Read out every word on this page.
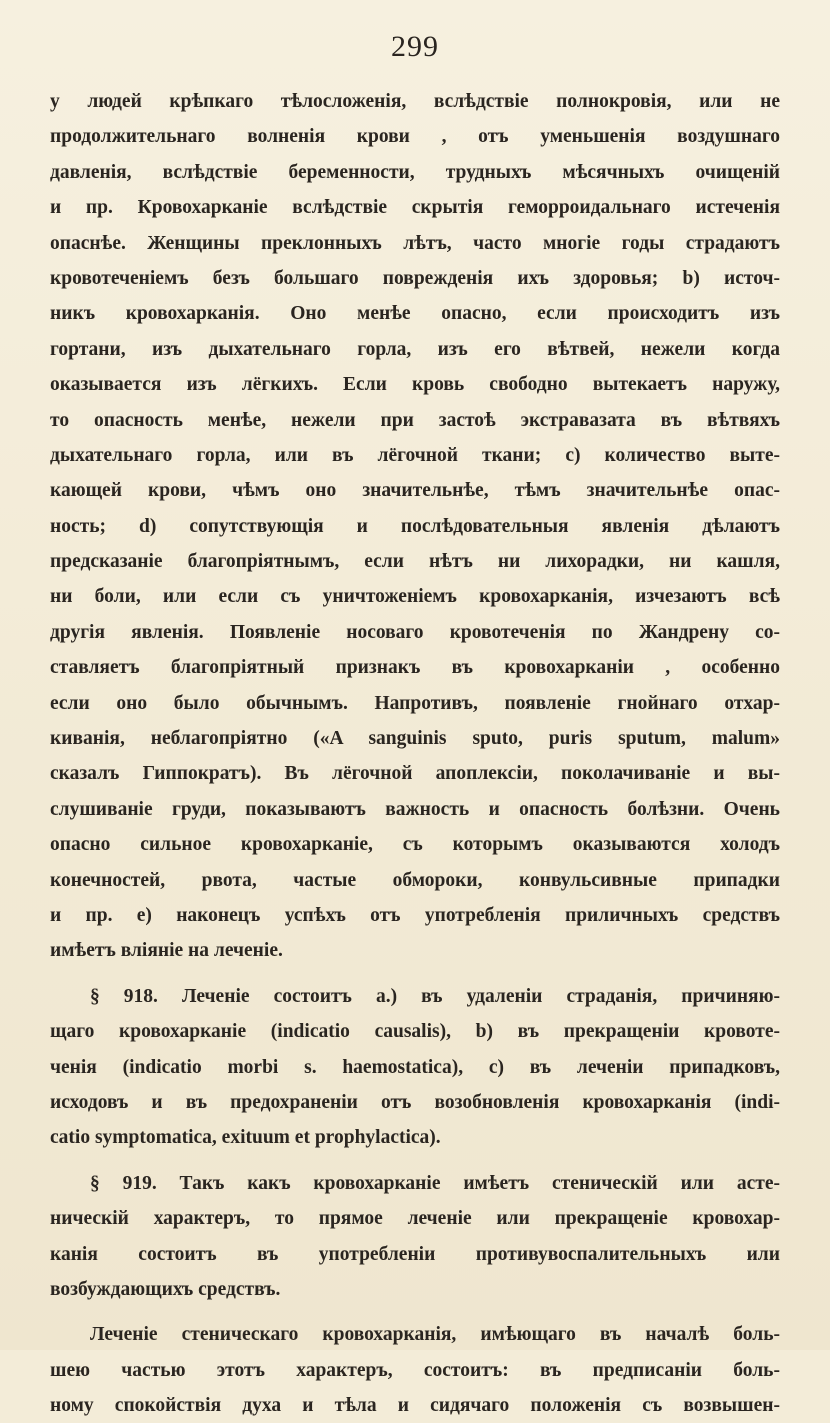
299
у людей крѣпкаго тѣлосложенія, вслѣдствіе полнокровія, или не
продолжительнаго волненія крови , отъ уменьшенія воздушнаго
давленія, вслѣдствіе беременности, трудныхъ мѣсячныхъ очищеній
и пр. Кровохарканіе вслѣдствіе скрытія геморроидальнаго истеченія
опаснѣе. Женщины преклонныхъ лѣтъ, часто многіе годы страдаютъ
кровотеченіемъ безъ большаго поврежденія ихъ здоровья; b) источ-
никъ кровохарканія. Оно менѣе опасно, если происходитъ изъ
гортани, изъ дыхательнаго горла, изъ его вѣтвей, нежели когда
оказывается изъ лёгкихъ. Если кровь свободно вытекаетъ наружу,
то опасность менѣе, нежели при застоѣ экстравазата въ вѣтвяхъ
дыхательнаго горла, или въ лёгочной ткани; c) количество выте-
кающей крови, чѣмъ оно значительнѣе, тѣмъ значительнѣе опас-
ность; d) сопутствующія и послѣдовательныя явленія дѣлаютъ
предсказаніе благопріятнымъ, если нѣтъ ни лихорадки, ни кашля,
ни боли, или если съ уничтоженіемъ кровохарканія, изчезаютъ всѣ
другія явленія. Появленіе носоваго кровотеченія по Жандрену со-
ставляетъ благопріятный признакъ въ кровохарканіи , особенно
если оно было обычнымъ. Напротивъ, появленіе гнойнаго отхар-
киванія, неблагопріятно («A sanguinis sputo, puris sputum, malum»
сказалъ Гиппократъ). Въ лёгочной апоплексіи, поколачиваніе и вы-
слушиваніе груди, показываютъ важность и опасность болѣзни. Очень
опасно сильное кровохарканіе, съ которымъ оказываются холодъ
конечностей, рвота, частые обмороки, конвульсивные припадки
и пр. e) наконецъ успѣхъ отъ употребленія приличныхъ средствъ
имѣетъ вліяніе на леченіе.
§ 918. Леченіе состоитъ a.) въ удаленіи страданія, причиняю-
щаго кровохарканіе (indicatio causalis), b) въ прекращеніи кровоте-
ченія (indicatio morbi s. haemostatica), c) въ леченіи припадковъ,
исходовъ и въ предохраненіи отъ возобновленія кровохарканія (indi-
catio symptomatica, exituum et prophylactica).
§ 919. Такъ какъ кровохарканіе имѣетъ стеническій или асте-
ническій характеръ, то прямое леченіе или прекращеніе кровохар-
канія состоитъ въ употребленіи противувоспалительныхъ или
возбуждающихъ средствъ.
Леченіе стеническаго кровохарканія, имѣющаго въ началѣ боль-
шею частью этотъ характеръ, состоитъ: въ предписаніи боль-
ному спокойствія духа и тѣла и сидячаго положенія съ возвышен-
